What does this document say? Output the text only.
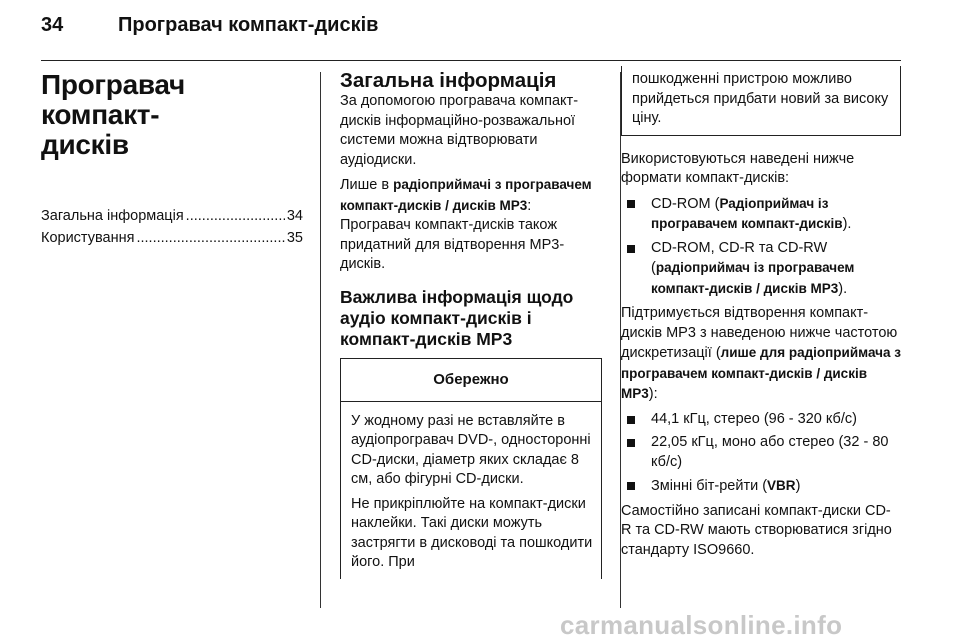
34	Програвач компакт-дисків
Програвач компакт-
дисків
Загальна інформація .....	34
Користування .....	35
Загальна інформація

За допомогою програвача компакт-дисків інформаційно-розважальної системи можна відтворювати аудіодиски.

Лише в радіоприймачі з програвачем компакт-дисків / дисків МР3: Програвач компакт-дисків також придатний для відтворення МР3-дисків.

Важлива інформація щодо аудіо компакт-дисків і компакт-дисків МР3
Обережно

У жодному разі не вставляйте в аудіопрогравач DVD-, односторонні CD-диски, діаметр яких складає 8 см, або фігурні CD-диски.

Не прикріплюйте на компакт-диски наклейки. Такі диски можуть застрягти в дисководі та пошкодити його. При

пошкодженні пристрою можливо прийдеться придбати новий за високу ціну.

Використовуються наведені нижче формати компакт-дисків:

CD-ROM (Радіоприймач із програвачем компакт-дисків).
CD-ROM, CD-R та CD-RW (радіоприймач із програвачем компакт-дисків / дисків МР3).

Підтримується відтворення компакт-дисків MP3 з наведеною нижче частотою дискретизації (лише для радіоприймача з програвачем компакт-дисків / дисків МР3):

44,1 кГц, стерео (96 - 320 кб/с)
22,05 кГц, моно або стерео (32 - 80 кб/с)
Змінні біт-рейти (VBR)

Самостійно записані компакт-диски CD-R та CD-RW мають створюватися згідно стандарту ISO9660.

carmanualsonline.info
